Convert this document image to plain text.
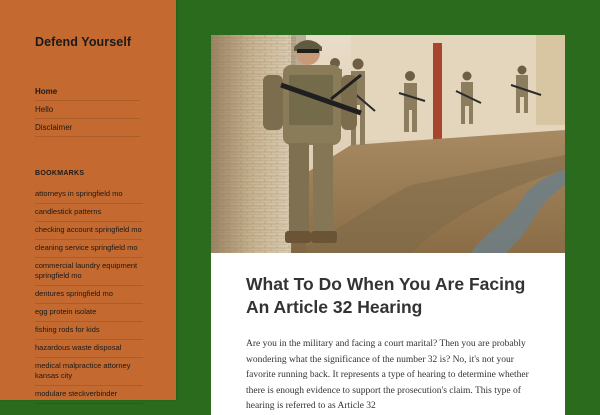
Defend Yourself
Home
Hello
Disclaimer
BOOKMARKS
attorneys in springfield mo
candlestick patterns
checking account springfield mo
cleaning service springfield mo
commercial laundry equipment springfield mo
dentures springfield mo
egg protein isolate
fishing rods for kids
hazardous waste disposal
medical malpractice attorney kansas city
modulare steckverbinder
What To Do When You Are Facing An Article 32 Hearing

Are you in the military and facing a court marital? Then you are probably wondering what the significance of the number 32 is? No, it's not your favorite running back. It represents a type of hearing to determine whether there is enough evidence to support the prosecution's claim. This type of hearing is referred to as Article 32
